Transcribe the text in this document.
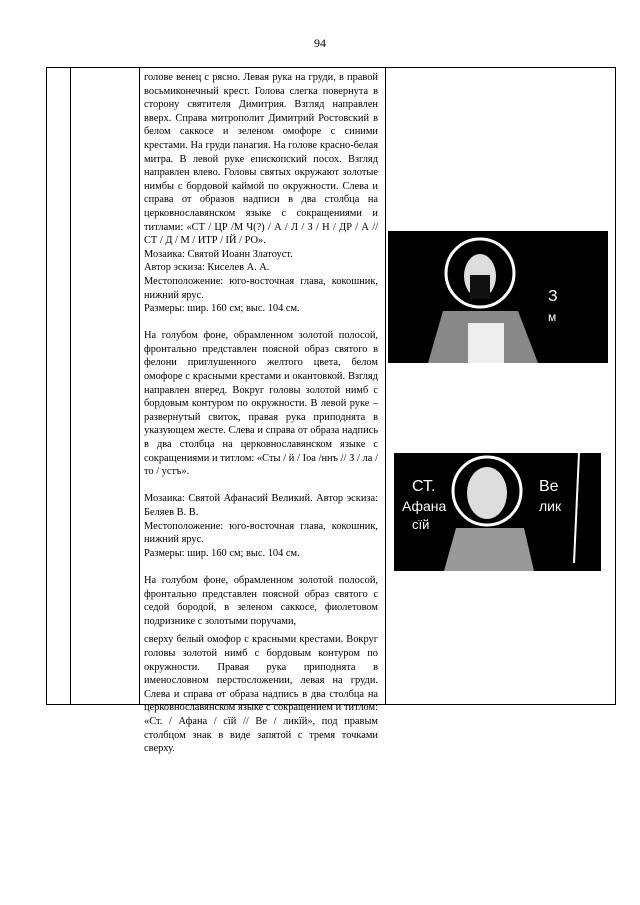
94

голове венец с рясно. Левая рука на груди, в правой восьмиконечный крест. Голова слегка повернута в сторону святителя Димитрия. Взгляд направлен вверх. Справа митрополит Димитрий Ростовский в белом саккосе и зеленом омофоре с синими крестами. На груди панагия. На голове красно-белая митра. В левой руке епископский посох. Взгляд направлен влево. Головы святых окружают золотые нимбы с бордовой каймой по окружности. Слева и справа от образов надписи в два столбца на церковнославянском языке с сокращениями и титлами: «СТ / ЦР /М Ч(?) / А / Л / З / Н / ДР / А // СТ / Д / М / ИТР / ІЙ / РО».

Мозаика: Святой Иоанн Златоуст.

Автор эскиза: Киселев А. А.

Местоположение: юго-восточная глава, кокошник, нижний ярус.

Размеры: шир. 160 см; выс. 104 см.

На голубом фоне, обрамленном золотой полосой, фронтально представлен поясной образ святого в фелони приглушенного желтого цвета, белом омофоре с красными крестами и окантовкой. Взгляд направлен вперед. Вокруг головы золотой нимб с бордовым контуром по окружности. В левой руке – развернутый свиток, правая рука приподнята в указующем жесте. Слева и справа от образа надпись в два столбца на церковнославянском языке с сокращениями и титлом: «Сты / й / Іоа /ннъ // З / ла / то / устъ».

Мозаика: Святой Афанасий Великий. Автор эскиза: Беляев В. В.

Местоположение: юго-восточная глава, кокошник, нижний ярус.

Размеры: шир. 160 см; выс. 104 см.

На голубом фоне, обрамленном золотой полосой, фронтально представлен поясной образ святого с седой бородой, в зеленом саккосе, фиолетовом подризнике с золотыми поручами,

сверху белый омофор с красными крестами. Вокруг головы золотой нимб с бордовым контуром по окружности. Правая рука приподнята в именословном перстосложении, левая на груди. Слева и справа от образа надпись в два столбца на церковнославянском языке с сокращением и титлом: «Ст. / Афана / сїй // Ве / ликїй», под правым столбцом знак в виде запятой с тремя точками сверху.

З
м
СТ.
Афана
сїй
Ве
лик
